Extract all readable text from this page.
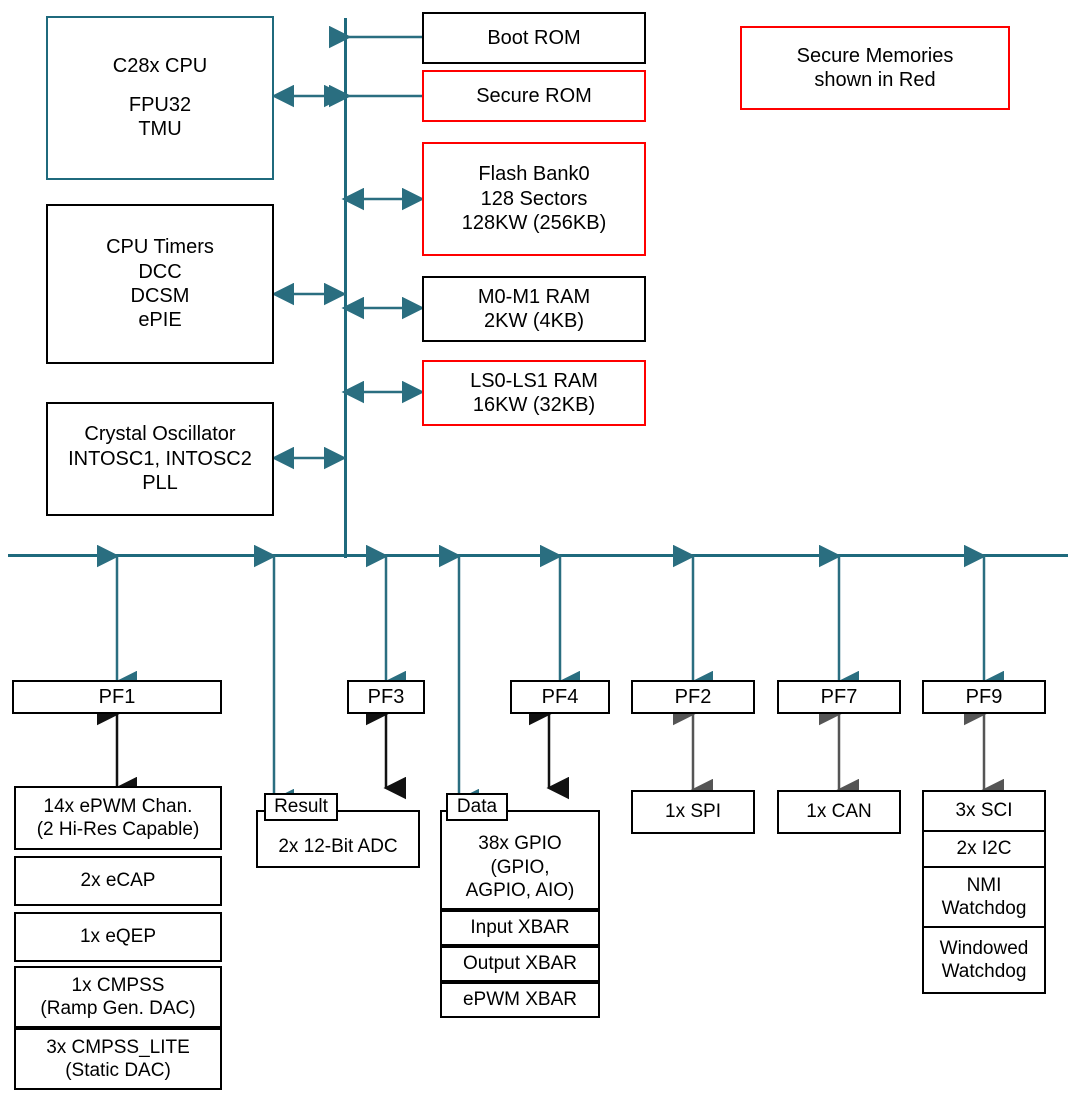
Secure Memories
shown in Red
C28x CPU
FPU32
TMU
CPU Timers
DCC
DCSM
ePIE
Crystal Oscillator
INTOSC1, INTOSC2
PLL
Boot ROM
Secure ROM
Flash Bank0
128 Sectors
128KW (256KB)
M0-M1 RAM
2KW (4KB)
LS0-LS1 RAM
16KW (32KB)
PF1	PF3	PF4	PF2	PF7	PF9
14x ePWM Chan.
(2 Hi-Res Capable)
2x eCAP
1x eQEP
1x CMPSS
(Ramp Gen. DAC)
3x CMPSS_LITE
(Static DAC)
2x 12-Bit ADC
Result
38x GPIO
(GPIO,
AGPIO, AIO)
Data
Input XBAR
Output XBAR
ePWM XBAR
1x SPI	1x CAN	3x SCI
2x I2C
NMI
Watchdog
Windowed
Watchdog
